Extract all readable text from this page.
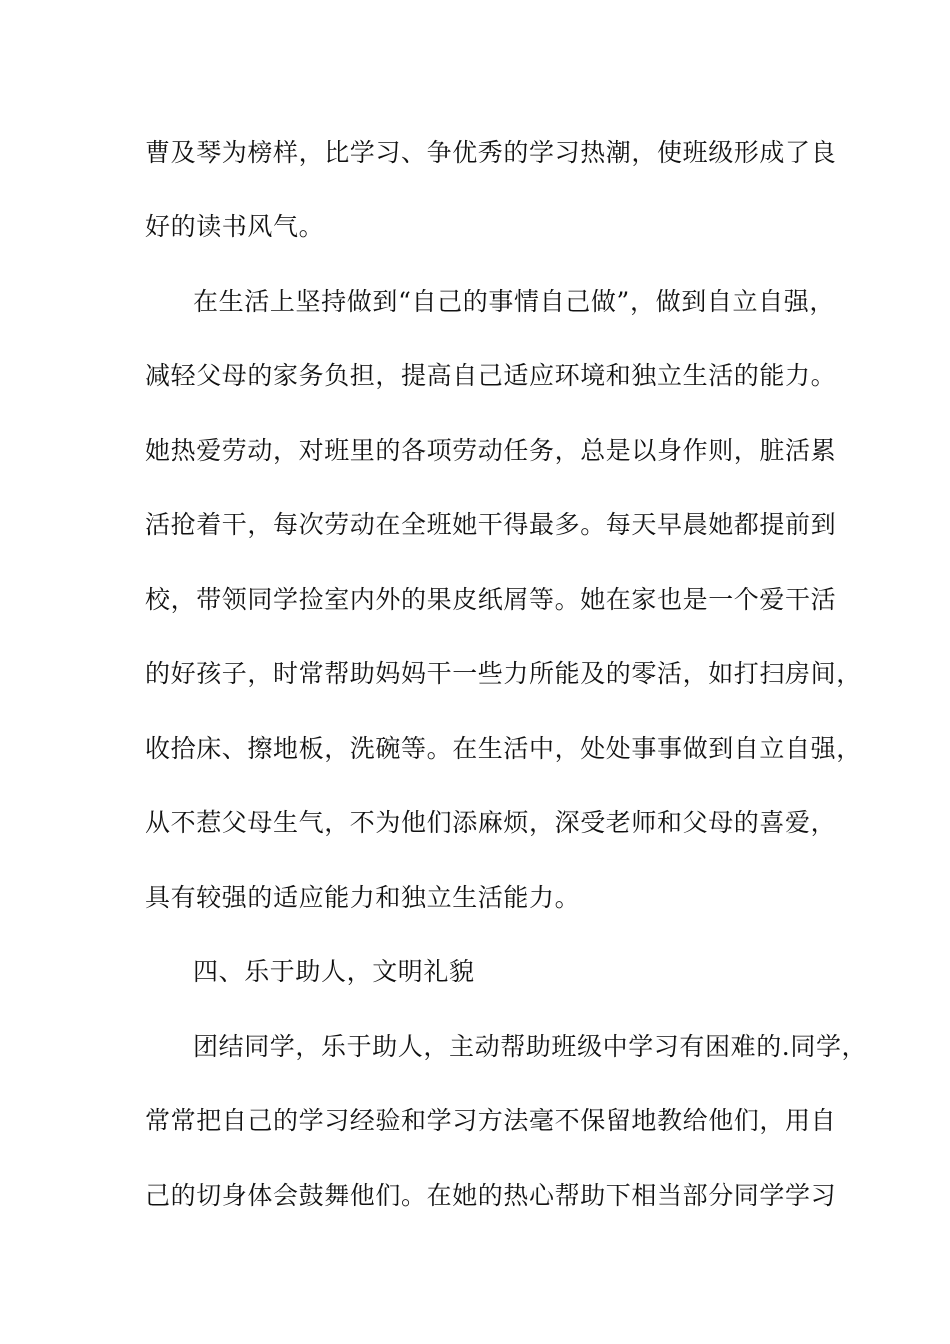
曹及琴为榜样，比学习、争优秀的学习热潮，使班级形成了良
好的读书风气。
在生活上坚持做到“自己的事情自己做”，做到自立自强，
减轻父母的家务负担，提高自己适应环境和独立生活的能力。
她热爱劳动，对班里的各项劳动任务，总是以身作则，脏活累
活抢着干，每次劳动在全班她干得最多。每天早晨她都提前到
校，带领同学捡室内外的果皮纸屑等。她在家也是一个爱干活
的好孩子，时常帮助妈妈干一些力所能及的零活，如打扫房间，
收拾床、擦地板，洗碗等。在生活中，处处事事做到自立自强，
从不惹父母生气，不为他们添麻烦，深受老师和父母的喜爱，
具有较强的适应能力和独立生活能力。
四、乐于助人，文明礼貌
团结同学，乐于助人，主动帮助班级中学习有困难的.同学，
常常把自己的学习经验和学习方法毫不保留地教给他们，用自
己的切身体会鼓舞他们。在她的热心帮助下相当部分同学学习
